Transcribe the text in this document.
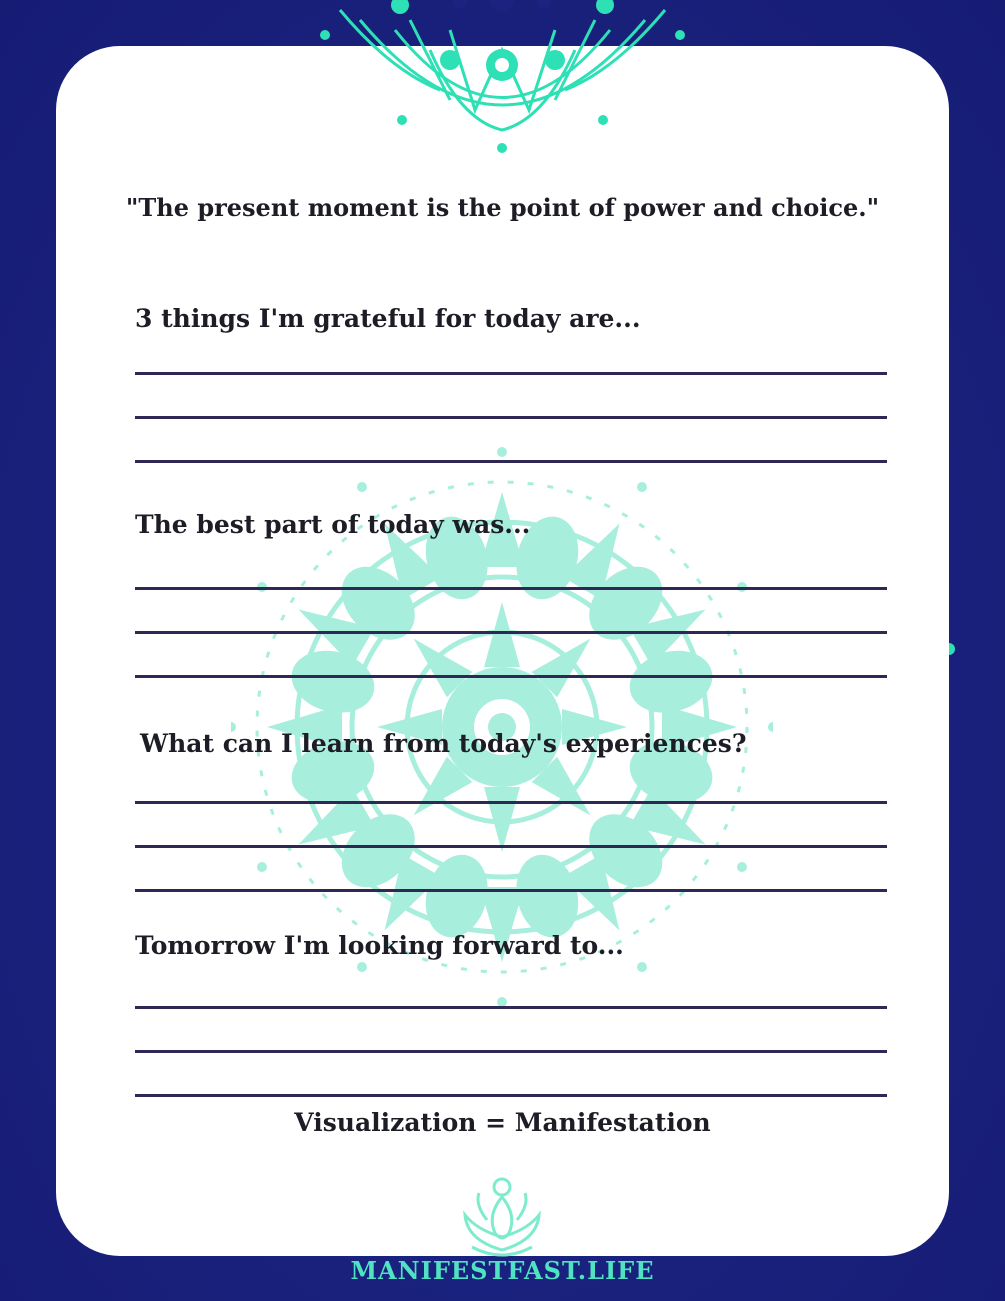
"The present moment is the point of power and choice."
3 things I'm grateful for today are...
The best part of today was...
What can I learn from today's experiences?
Tomorrow I'm looking forward to...
Visualization = Manifestation
MANIFESTFAST.LIFE
